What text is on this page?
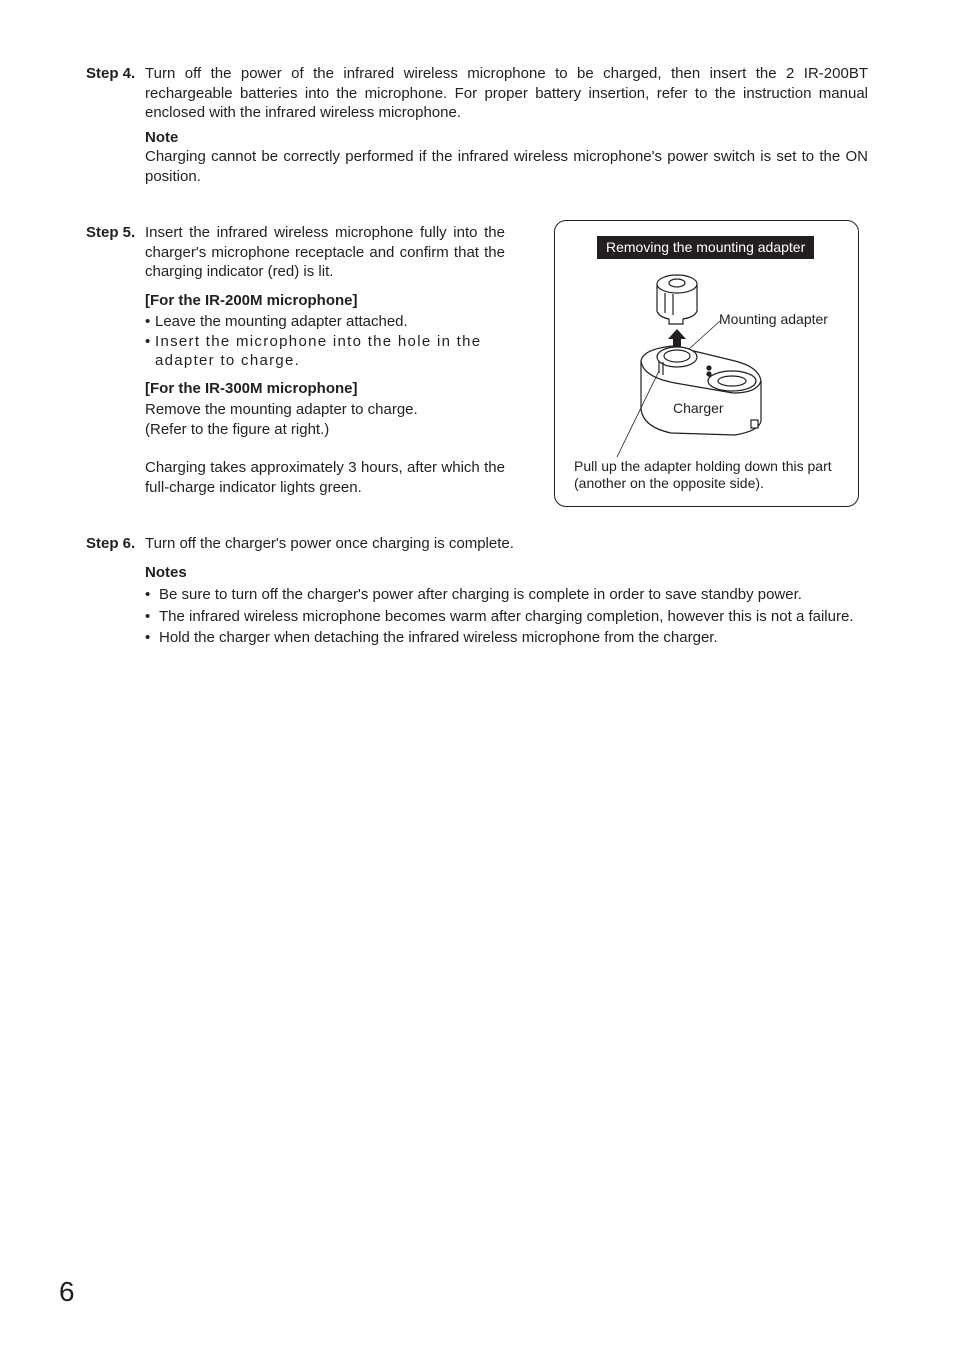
Step 4. Turn off the power of the infrared wireless microphone to be charged, then insert the 2 IR-200BT rechargeable batteries into the microphone. For proper battery insertion, refer to the instruction manual enclosed with the infrared wireless microphone.

Note

Charging cannot be correctly performed if the infrared wireless microphone's power switch is set to the ON position.

Step 5. Insert the infrared wireless microphone fully into the charger's microphone receptacle and confirm that the charging indicator (red) is lit.

[For the IR-200M microphone]

• Leave the mounting adapter attached.
• Insert the microphone into the hole in the adapter to charge.

[For the IR-300M microphone]

Remove the mounting adapter to charge.

(Refer to the figure at right.)

Charging takes approximately 3 hours, after which the full-charge indicator lights green.

Removing the mounting adapter
Mounting adapter
Charger
Pull up the adapter holding down this part
(another on the opposite side).
Step 6. Turn off the charger's power once charging is complete.

Notes

• Be sure to turn off the charger's power after charging is complete in order to save standby power.
• The infrared wireless microphone becomes warm after charging completion, however this is not a failure.
• Hold the charger when detaching the infrared wireless microphone from the charger.
6
